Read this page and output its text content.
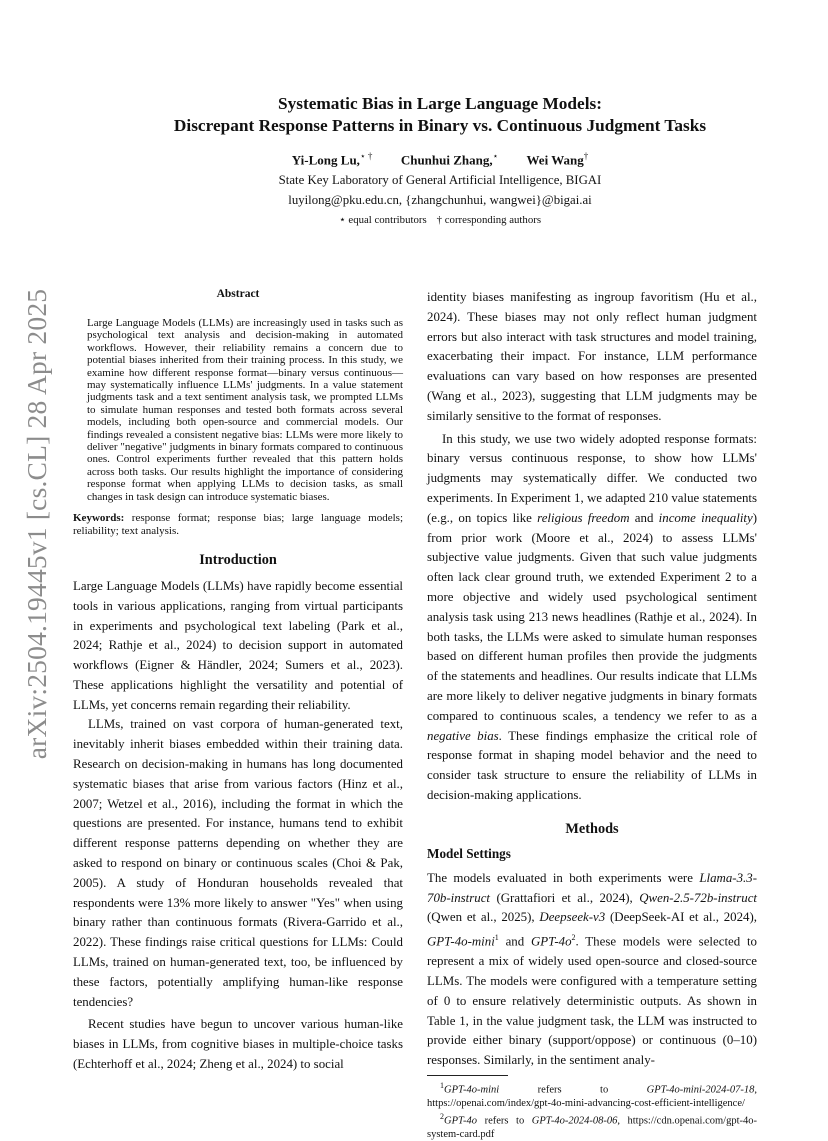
arXiv:2504.19445v1 [cs.CL] 28 Apr 2025
Systematic Bias in Large Language Models:
Discrepant Response Patterns in Binary vs. Continuous Judgment Tasks
Yi-Long Lu,⋆ † Chunhui Zhang,⋆ Wei Wang†
State Key Laboratory of General Artificial Intelligence, BIGAI
luyilong@pku.edu.cn, {zhangchunhui, wangwei}@bigai.ai
⋆ equal contributors † corresponding authors
Abstract
Large Language Models (LLMs) are increasingly used in tasks such as psychological text analysis and decision-making in automated workflows. However, their reliability remains a concern due to potential biases inherited from their training process. In this study, we examine how different response format—binary versus continuous— may systematically influence LLMs' judgments. In a value statement judgments task and a text sentiment analysis task, we prompted LLMs to simulate human responses and tested both formats across several models, including both open-source and commercial models. Our findings revealed a consistent negative bias: LLMs were more likely to deliver "negative" judgments in binary formats compared to continuous ones. Control experiments further revealed that this pattern holds across both tasks. Our results highlight the importance of considering response format when applying LLMs to decision tasks, as small changes in task design can introduce systematic biases.
Keywords: response format; response bias; large language models; reliability; text analysis.
Introduction
Large Language Models (LLMs) have rapidly become essential tools in various applications, ranging from virtual participants in experiments and psychological text labeling (Park et al., 2024; Rathje et al., 2024) to decision support in automated workflows (Eigner & Händler, 2024; Sumers et al., 2023). These applications highlight the versatility and potential of LLMs, yet concerns remain regarding their reliability.
LLMs, trained on vast corpora of human-generated text, inevitably inherit biases embedded within their training data. Research on decision-making in humans has long documented systematic biases that arise from various factors (Hinz et al., 2007; Wetzel et al., 2016), including the format in which the questions are presented. For instance, humans tend to exhibit different response patterns depending on whether they are asked to respond on binary or continuous scales (Choi & Pak, 2005). A study of Honduran households revealed that respondents were 13% more likely to answer "Yes" when using binary rather than continuous formats (Rivera-Garrido et al., 2022). These findings raise critical questions for LLMs: Could LLMs, trained on human-generated text, too, be influenced by these factors, potentially amplifying human-like response tendencies?
Recent studies have begun to uncover various human-like biases in LLMs, from cognitive biases in multiple-choice tasks (Echterhoff et al., 2024; Zheng et al., 2024) to social
identity biases manifesting as ingroup favoritism (Hu et al., 2024). These biases may not only reflect human judgment errors but also interact with task structures and model training, exacerbating their impact. For instance, LLM performance evaluations can vary based on how responses are presented (Wang et al., 2023), suggesting that LLM judgments may be similarly sensitive to the format of responses.
In this study, we use two widely adopted response formats: binary versus continuous response, to show how LLMs' judgments may systematically differ. We conducted two experiments. In Experiment 1, we adapted 210 value statements (e.g., on topics like religious freedom and income inequality) from prior work (Moore et al., 2024) to assess LLMs' subjective value judgments. Given that such value judgments often lack clear ground truth, we extended Experiment 2 to a more objective and widely used psychological sentiment analysis task using 213 news headlines (Rathje et al., 2024). In both tasks, the LLMs were asked to simulate human responses based on different human profiles then provide the judgments of the statements and headlines. Our results indicate that LLMs are more likely to deliver negative judgments in binary formats compared to continuous scales, a tendency we refer to as a negative bias. These findings emphasize the critical role of response format in shaping model behavior and the need to consider task structure to ensure the reliability of LLMs in decision-making applications.
Methods
Model Settings
The models evaluated in both experiments were Llama-3.3-70b-instruct (Grattafiori et al., 2024), Qwen-2.5-72b-instruct (Qwen et al., 2025), Deepseek-v3 (DeepSeek-AI et al., 2024), GPT-4o-mini$^1$ and GPT-4o$^2$. These models were selected to represent a mix of widely used open-source and closed-source LLMs. The models were configured with a temperature setting of 0 to ensure relatively deterministic outputs. As shown in Table 1, in the value judgment task, the LLM was instructed to provide either binary (support/oppose) or continuous (0–10) responses. Similarly, in the sentiment analy-
$^1$GPT-4o-mini refers to GPT-4o-mini-2024-07-18, https://openai.com/index/gpt-4o-mini-advancing-cost-efficient-intelligence/
$^2$GPT-4o refers to GPT-4o-2024-08-06, https://cdn.openai.com/gpt-4o-system-card.pdf
